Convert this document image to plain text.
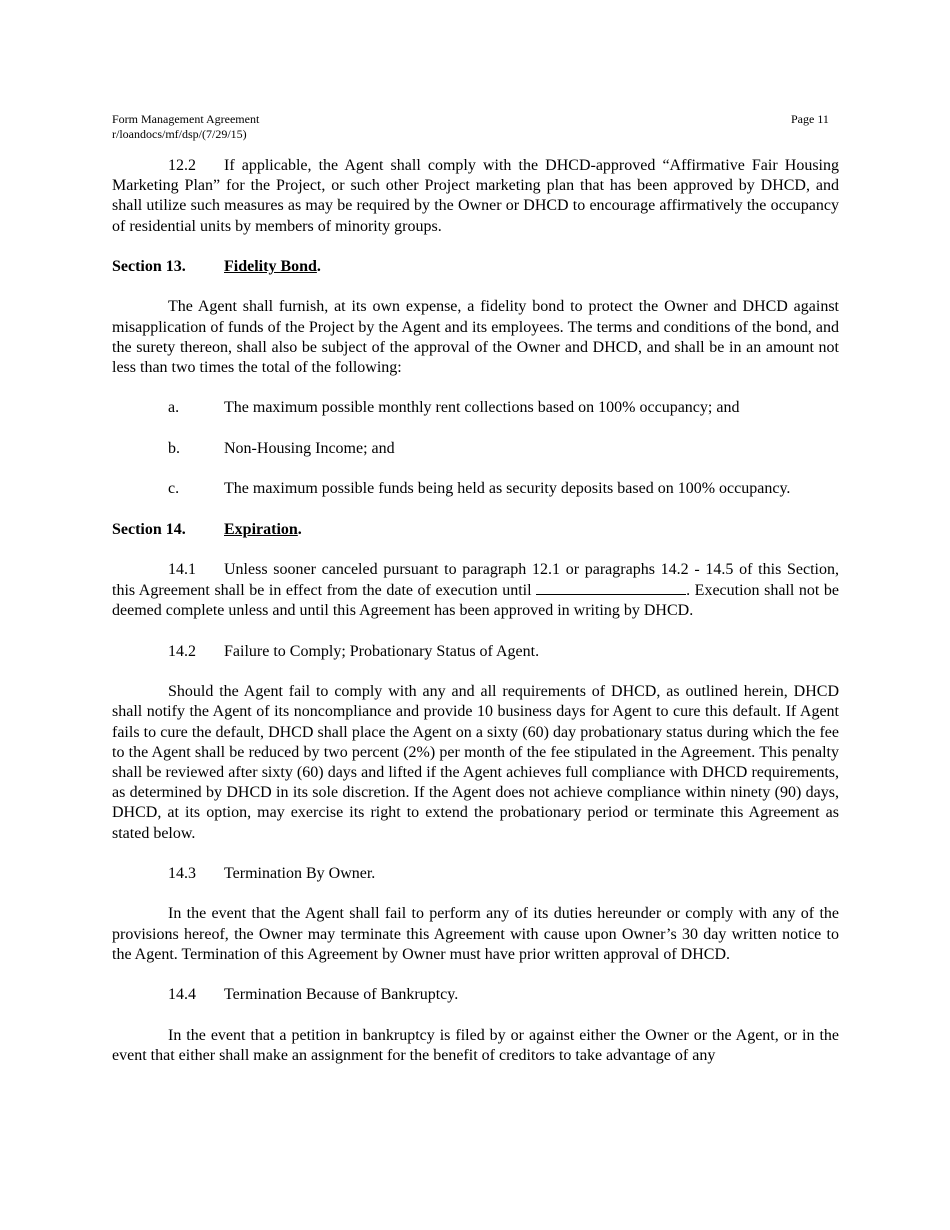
Form Management Agreement
r/loandocs/mf/dsp/(7/29/15)
Page 11

12.2 If applicable, the Agent shall comply with the DHCD-approved “Affirmative Fair Housing Marketing Plan” for the Project, or such other Project marketing plan that has been approved by DHCD, and shall utilize such measures as may be required by the Owner or DHCD to encourage affirmatively the occupancy of residential units by members of minority groups.

Section 13. Fidelity Bond.

The Agent shall furnish, at its own expense, a fidelity bond to protect the Owner and DHCD against misapplication of funds of the Project by the Agent and its employees. The terms and conditions of the bond, and the surety thereon, shall also be subject of the approval of the Owner and DHCD, and shall be in an amount not less than two times the total of the following:

a.	The maximum possible monthly rent collections based on 100% occupancy; and
b.	Non-Housing Income; and
c.	The maximum possible funds being held as security deposits based on 100% occupancy.
Section 14. Expiration.

14.1 Unless sooner canceled pursuant to paragraph 12.1 or paragraphs 14.2 - 14.5 of this Section, this Agreement shall be in effect from the date of execution until	. Execution shall not be deemed complete unless and until this Agreement has been approved in writing by DHCD.

14.2 Failure to Comply; Probationary Status of Agent.

Should the Agent fail to comply with any and all requirements of DHCD, as outlined herein, DHCD shall notify the Agent of its noncompliance and provide 10 business days for Agent to cure this default. If Agent fails to cure the default, DHCD shall place the Agent on a sixty (60) day probationary status during which the fee to the Agent shall be reduced by two percent (2%) per month of the fee stipulated in the Agreement. This penalty shall be reviewed after sixty (60) days and lifted if the Agent achieves full compliance with DHCD requirements, as determined by DHCD in its sole discretion. If the Agent does not achieve compliance within ninety (90) days, DHCD, at its option, may exercise its right to extend the probationary period or terminate this Agreement as stated below.

14.3 Termination By Owner.

In the event that the Agent shall fail to perform any of its duties hereunder or comply with any of the provisions hereof, the Owner may terminate this Agreement with cause upon Owner’s 30 day written notice to the Agent. Termination of this Agreement by Owner must have prior written approval of DHCD.

14.4 Termination Because of Bankruptcy.

In the event that a petition in bankruptcy is filed by or against either the Owner or the Agent, or in the event that either shall make an assignment for the benefit of creditors to take advantage of any
